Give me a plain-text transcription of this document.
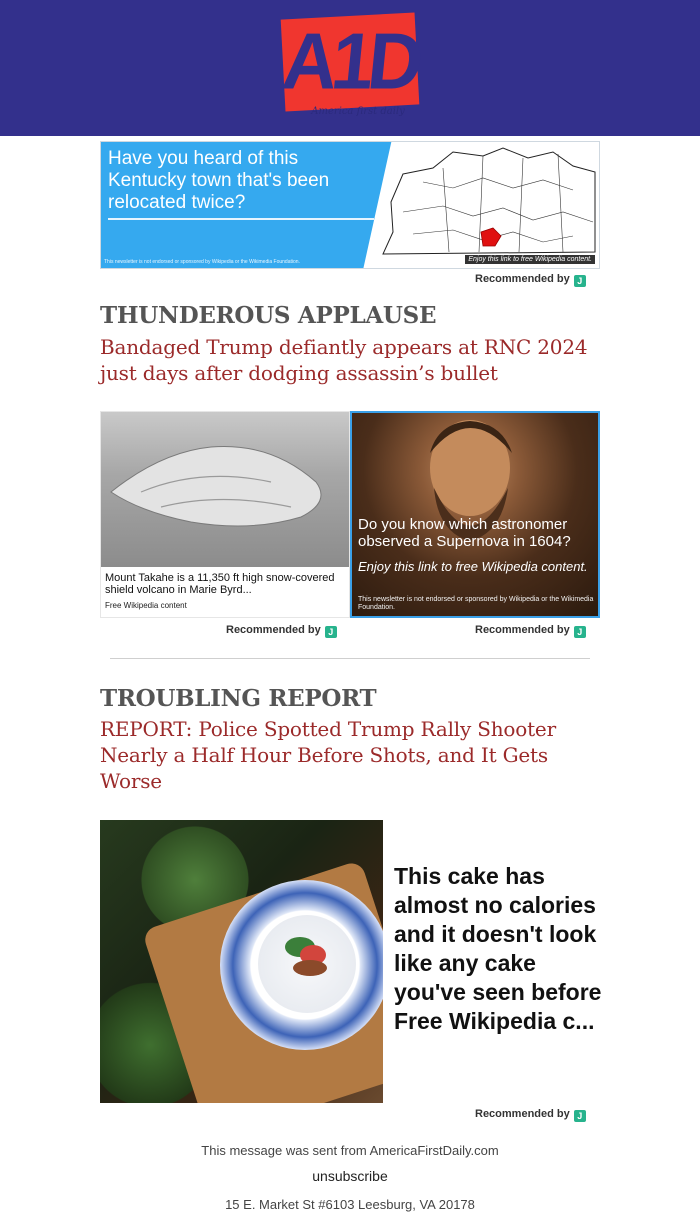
A1D
America first daily
Have you heard of this Kentucky town that's been relocated twice?
This newsletter is not endorsed or sponsored by Wikipedia or the Wikimedia Foundation.	Enjoy this link to free Wikipedia content.
Recommended by J
THUNDEROUS APPLAUSE
Bandaged Trump defiantly appears at RNC 2024 just days after dodging assassin’s bullet
Mount Takahe is a 11,350 ft high snow-covered shield volcano in Marie Byrd...
Free Wikipedia content
Recommended by J
Do you know which astronomer observed a Supernova in 1604?
Enjoy this link to free Wikipedia content.
This newsletter is not endorsed or sponsored by Wikipedia or the Wikimedia Foundation.
Recommended by J
TROUBLING REPORT
REPORT: Police Spotted Trump Rally Shooter Nearly a Half Hour Before Shots, and It Gets Worse
This cake has almost no calories and it doesn't look like any cake you've seen before Free Wikipedia c...
Recommended by J
This message was sent from AmericaFirstDaily.com
unsubscribe
15 E. Market St #6103 Leesburg, VA 20178
